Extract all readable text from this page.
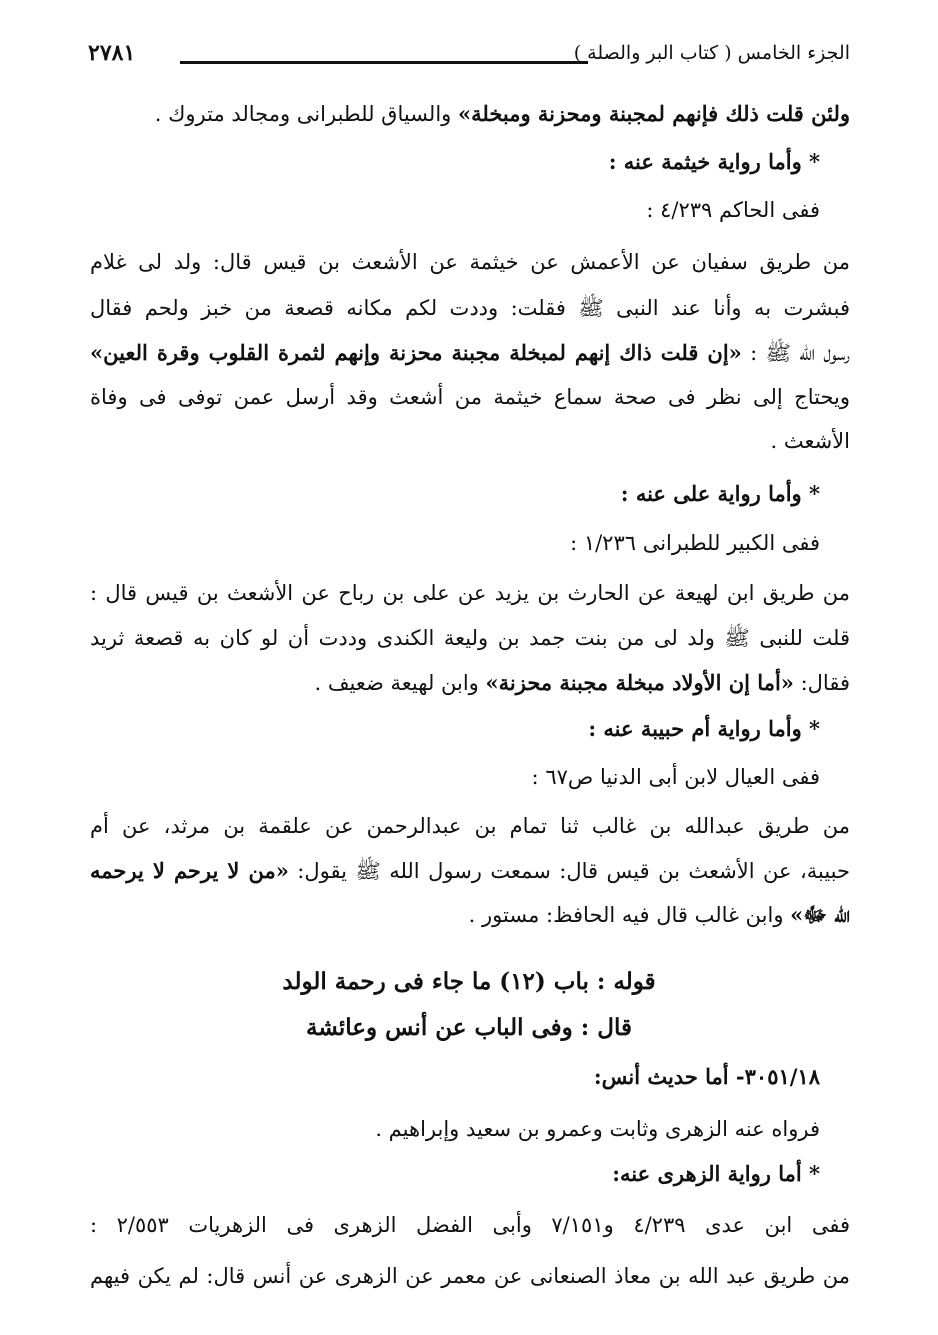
الجزء الخامس ( كتاب البر والصلة )
٢٧٨١
ولئن قلت ذلك فإنهم لمجبنة ومحزنة ومبخلة» والسياق للطبرانى ومجالد متروك .
* وأما رواية خيثمة عنه :
ففى الحاكم ٤/٢٣٩ :
من طريق سفيان عن الأعمش عن خيثمة عن الأشعث بن قيس قال: ولد لى غلام
فبشرت به وأنا عند النبى ﷺ فقلت: وددت لكم مكانه قصعة من خبز ولحم فقال
رسول الله ﷺ : «إن قلت ذاك إنهم لمبخلة مجبنة محزنة وإنهم لثمرة القلوب وقرة العين»
ويحتاج إلى نظر فى صحة سماع خيثمة من أشعث وقد أرسل عمن توفى فى وفاة
الأشعث .
* وأما رواية على عنه :
ففى الكبير للطبرانى ١/٢٣٦ :
من طريق ابن لهيعة عن الحارث بن يزيد عن على بن رباح عن الأشعث بن قيس قال :
قلت للنبى ﷺ ولد لى من بنت جمد بن وليعة الكندى وددت أن لو كان به قصعة ثريد
فقال: «أما إن الأولاد مبخلة مجبنة محزنة» وابن لهيعة ضعيف .
* وأما رواية أم حبيبة عنه :
ففى العيال لابن أبى الدنيا ص٦٧ :
من طريق عبدالله بن غالب ثنا تمام بن عبدالرحمن عن علقمة بن مرثد، عن أم
حبيبة، عن الأشعث بن قيس قال: سمعت رسول الله ﷺ يقول: «من لا يرحم لا يرحمه
الله ﷻ» وابن غالب قال فيه الحافظ: مستور .
قوله : باب (١٢) ما جاء فى رحمة الولد
قال : وفى الباب عن أنس وعائشة
٣٠٥١/١٨- أما حديث أنس:
فرواه عنه الزهرى وثابت وعمرو بن سعيد وإبراهيم .
* أما رواية الزهرى عنه:
ففى ابن عدى ٤/٢٣٩ و٧/١٥١ وأبى الفضل الزهرى فى الزهريات ٢/٥٥٣ :
من طريق عبد الله بن معاذ الصنعانى عن معمر عن الزهرى عن أنس قال: لم يكن فيهم
